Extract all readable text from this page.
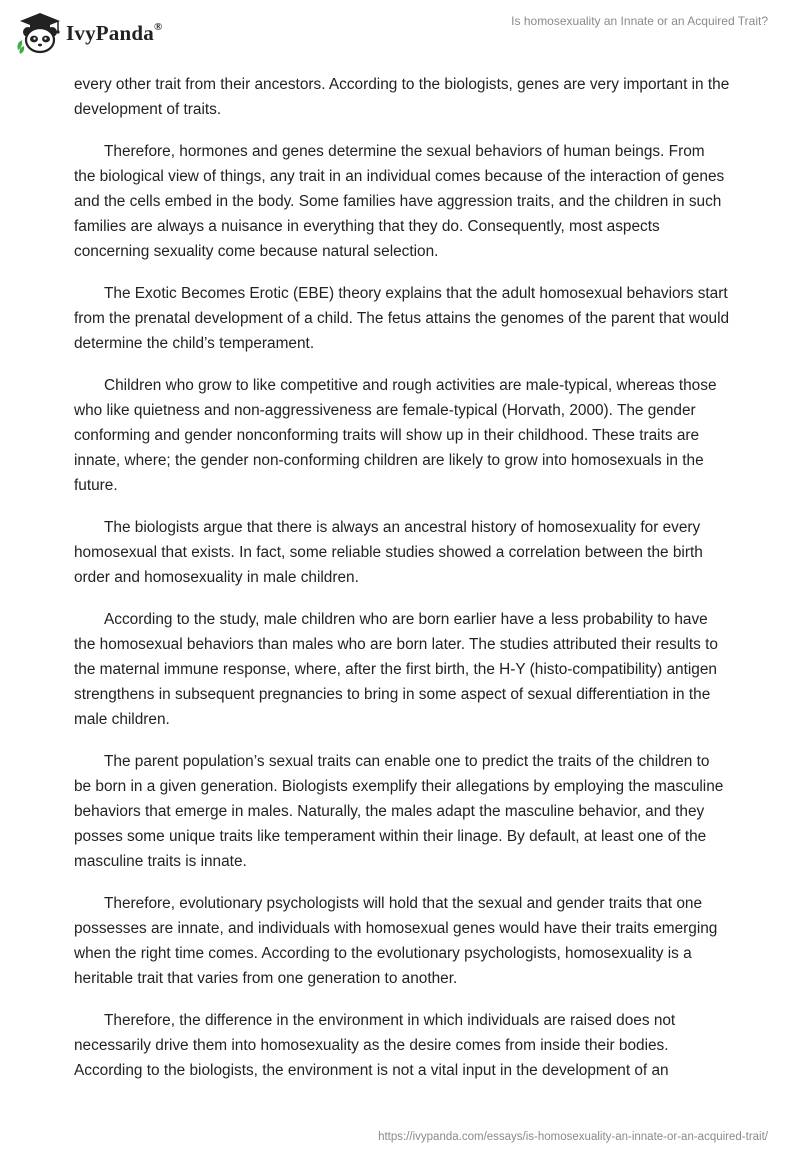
IvyPanda®	Is homosexuality an Innate or an Acquired Trait?

every other trait from their ancestors. According to the biologists, genes are very important in the development of traits.

Therefore, hormones and genes determine the sexual behaviors of human beings. From the biological view of things, any trait in an individual comes because of the interaction of genes and the cells embed in the body. Some families have aggression traits, and the children in such families are always a nuisance in everything that they do. Consequently, most aspects concerning sexuality come because natural selection.

The Exotic Becomes Erotic (EBE) theory explains that the adult homosexual behaviors start from the prenatal development of a child. The fetus attains the genomes of the parent that would determine the child’s temperament.

Children who grow to like competitive and rough activities are male-typical, whereas those who like quietness and non-aggressiveness are female-typical (Horvath, 2000). The gender conforming and gender nonconforming traits will show up in their childhood. These traits are innate, where; the gender non-conforming children are likely to grow into homosexuals in the future.

The biologists argue that there is always an ancestral history of homosexuality for every homosexual that exists. In fact, some reliable studies showed a correlation between the birth order and homosexuality in male children.

According to the study, male children who are born earlier have a less probability to have the homosexual behaviors than males who are born later. The studies attributed their results to the maternal immune response, where, after the first birth, the H-Y (histo-compatibility) antigen strengthens in subsequent pregnancies to bring in some aspect of sexual differentiation in the male children.

The parent population’s sexual traits can enable one to predict the traits of the children to be born in a given generation. Biologists exemplify their allegations by employing the masculine behaviors that emerge in males. Naturally, the males adapt the masculine behavior, and they posses some unique traits like temperament within their linage. By default, at least one of the masculine traits is innate.

Therefore, evolutionary psychologists will hold that the sexual and gender traits that one possesses are innate, and individuals with homosexual genes would have their traits emerging when the right time comes. According to the evolutionary psychologists, homosexuality is a heritable trait that varies from one generation to another.

Therefore, the difference in the environment in which individuals are raised does not necessarily drive them into homosexuality as the desire comes from inside their bodies. According to the biologists, the environment is not a vital input in the development of an

https://ivypanda.com/essays/is-homosexuality-an-innate-or-an-acquired-trait/
